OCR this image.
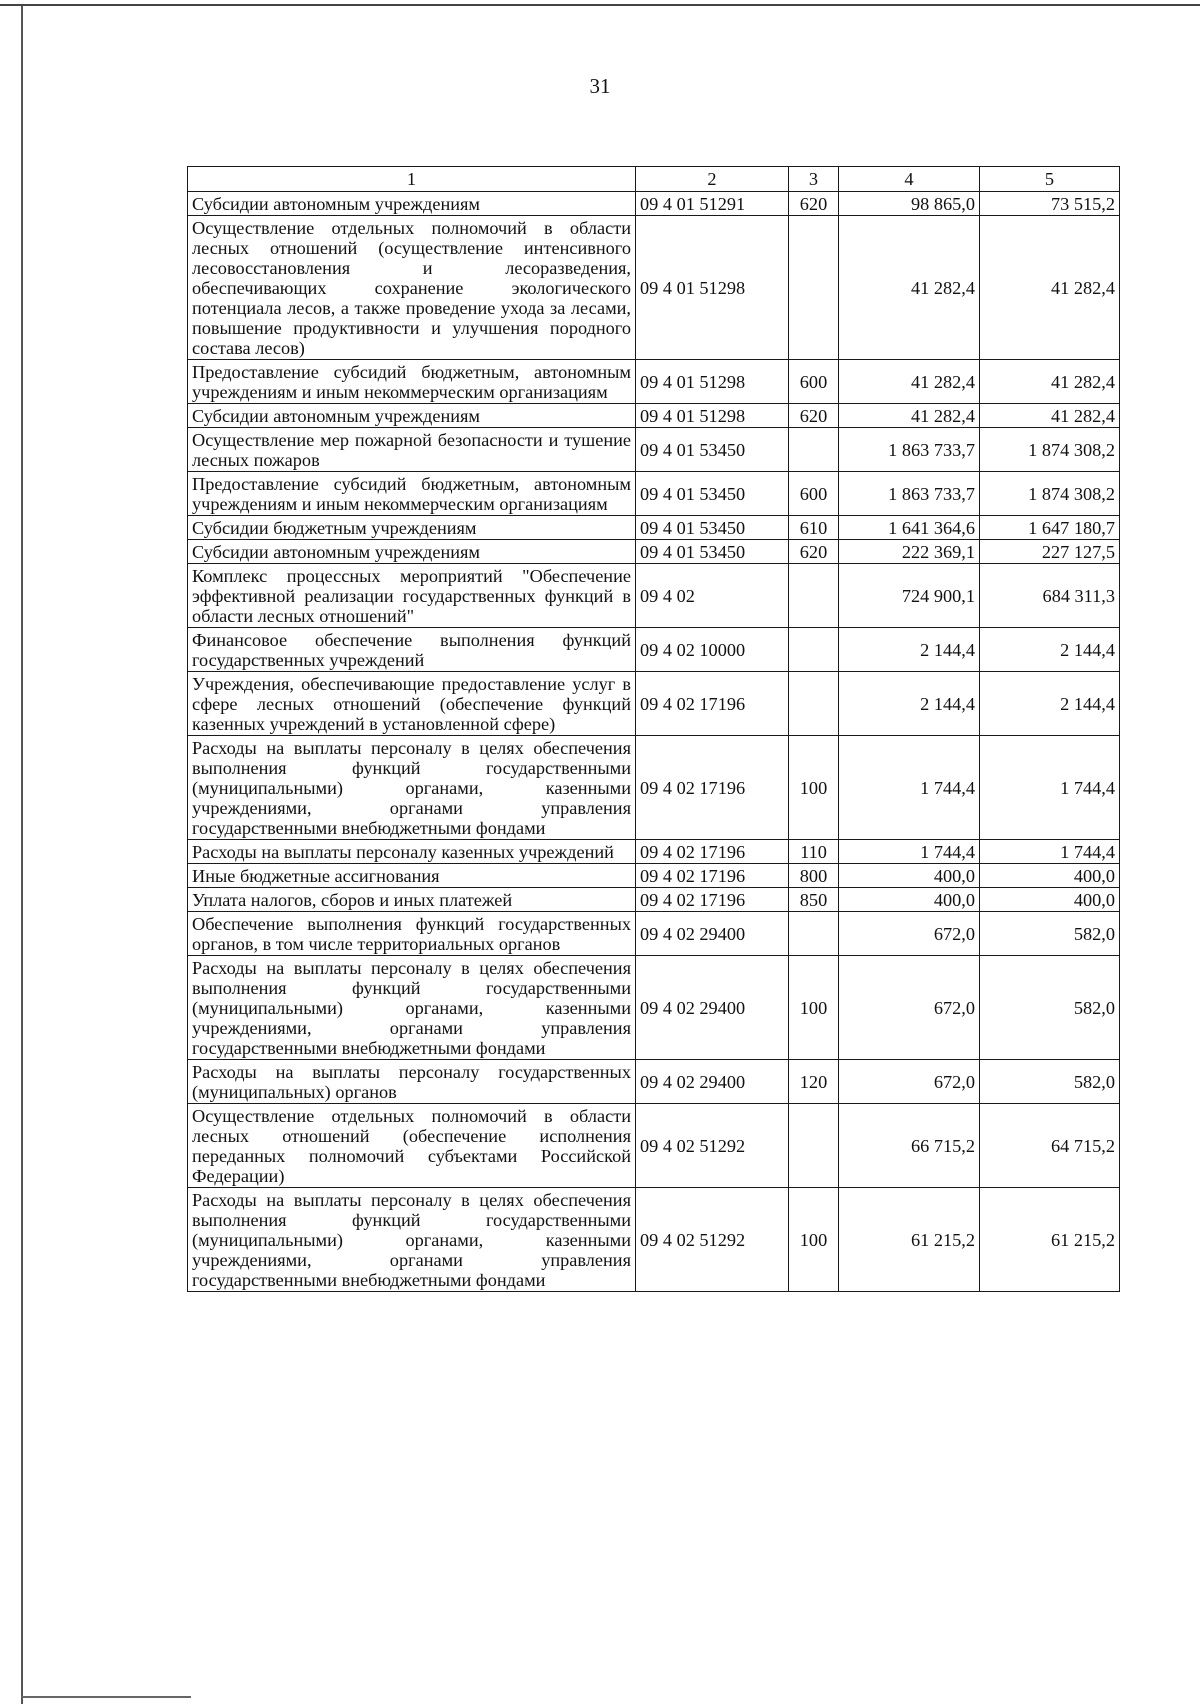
31
1	2	3	4	5
Субсидии автономным учреждениям	09 4 01 51291	620	98 865,0	73 515,2
Осуществление отдельных полномочий в области лесных отношений (осуществление интенсивного лесовосстановления и лесоразведения, обеспечивающих сохранение экологического потенциала лесов, а также проведение ухода за лесами, повышение продуктивности и улучшения породного состава лесов)	09 4 01 51298		41 282,4	41 282,4
Предоставление субсидий бюджетным, автономным учреждениям и иным некоммерческим организациям	09 4 01 51298	600	41 282,4	41 282,4
Субсидии автономным учреждениям	09 4 01 51298	620	41 282,4	41 282,4
Осуществление мер пожарной безопасности и тушение лесных пожаров	09 4 01 53450		1 863 733,7	1 874 308,2
Предоставление субсидий бюджетным, автономным учреждениям и иным некоммерческим организациям	09 4 01 53450	600	1 863 733,7	1 874 308,2
Субсидии бюджетным учреждениям	09 4 01 53450	610	1 641 364,6	1 647 180,7
Субсидии автономным учреждениям	09 4 01 53450	620	222 369,1	227 127,5
Комплекс процессных мероприятий "Обеспечение эффективной реализации государственных функций в области лесных отношений"	09 4 02		724 900,1	684 311,3
Финансовое обеспечение выполнения функций государственных учреждений	09 4 02 10000		2 144,4	2 144,4
Учреждения, обеспечивающие предоставление услуг в сфере лесных отношений (обеспечение функций казенных учреждений в установленной сфере)	09 4 02 17196		2 144,4	2 144,4
Расходы на выплаты персоналу в целях обеспечения выполнения функций государственными (муниципальными) органами, казенными учреждениями, органами управления государственными внебюджетными фондами	09 4 02 17196	100	1 744,4	1 744,4
Расходы на выплаты персоналу казенных учреждений	09 4 02 17196	110	1 744,4	1 744,4
Иные бюджетные ассигнования	09 4 02 17196	800	400,0	400,0
Уплата налогов, сборов и иных платежей	09 4 02 17196	850	400,0	400,0
Обеспечение выполнения функций государственных органов, в том числе территориальных органов	09 4 02 29400		672,0	582,0
Расходы на выплаты персоналу в целях обеспечения выполнения функций государственными (муниципальными) органами, казенными учреждениями, органами управления государственными внебюджетными фондами	09 4 02 29400	100	672,0	582,0
Расходы на выплаты персоналу государственных (муниципальных) органов	09 4 02 29400	120	672,0	582,0
Осуществление отдельных полномочий в области лесных отношений (обеспечение исполнения переданных полномочий субъектами Российской Федерации)	09 4 02 51292		66 715,2	64 715,2
Расходы на выплаты персоналу в целях обеспечения выполнения функций государственными (муниципальными) органами, казенными учреждениями, органами управления государственными внебюджетными фондами	09 4 02 51292	100	61 215,2	61 215,2
